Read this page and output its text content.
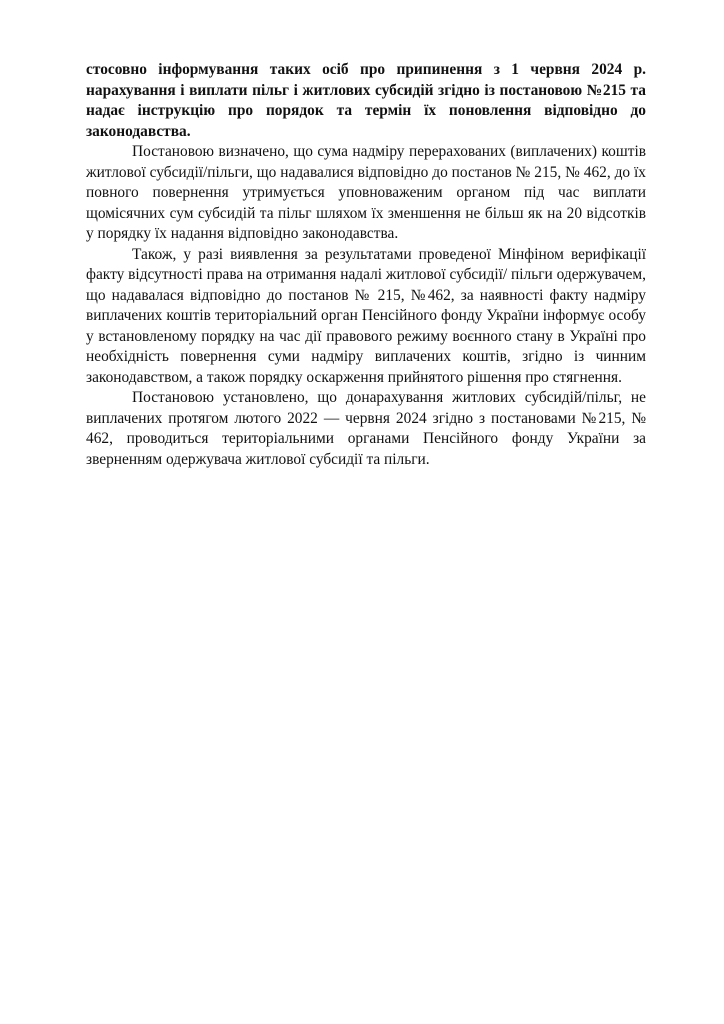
стосовно інформування таких осіб про припинення з 1 червня 2024 р. нарахування і виплати пільг і житлових субсидій згідно із постановою №215 та надає інструкцію про порядок та термін їх поновлення відповідно до законодавства.

Постановою визначено, що сума надміру перерахованих (виплачених) коштів житлової субсидії/пільги, що надавалися відповідно до постанов № 215, № 462, до їх повного повернення утримується уповноваженим органом під час виплати щомісячних сум субсидій та пільг шляхом їх зменшення не більш як на 20 відсотків у порядку їх надання відповідно законодавства.

Також, у разі виявлення за результатами проведеної Мінфіном верифікації факту відсутності права на отримання надалі житлової субсидії/ пільги одержувачем, що надавалася відповідно до постанов № 215, №462, за наявності факту надміру виплачених коштів територіальний орган Пенсійного фонду України інформує особу у встановленому порядку на час дії правового режиму воєнного стану в Україні про необхідність повернення суми надміру виплачених коштів, згідно із чинним законодавством, а також порядку оскарження прийнятого рішення про стягнення.

Постановою установлено, що донарахування житлових субсидій/пільг, не виплачених протягом лютого 2022 — червня 2024 згідно з постановами №215, № 462, проводиться територіальними органами Пенсійного фонду України за зверненням одержувача житлової субсидії та пільги.
